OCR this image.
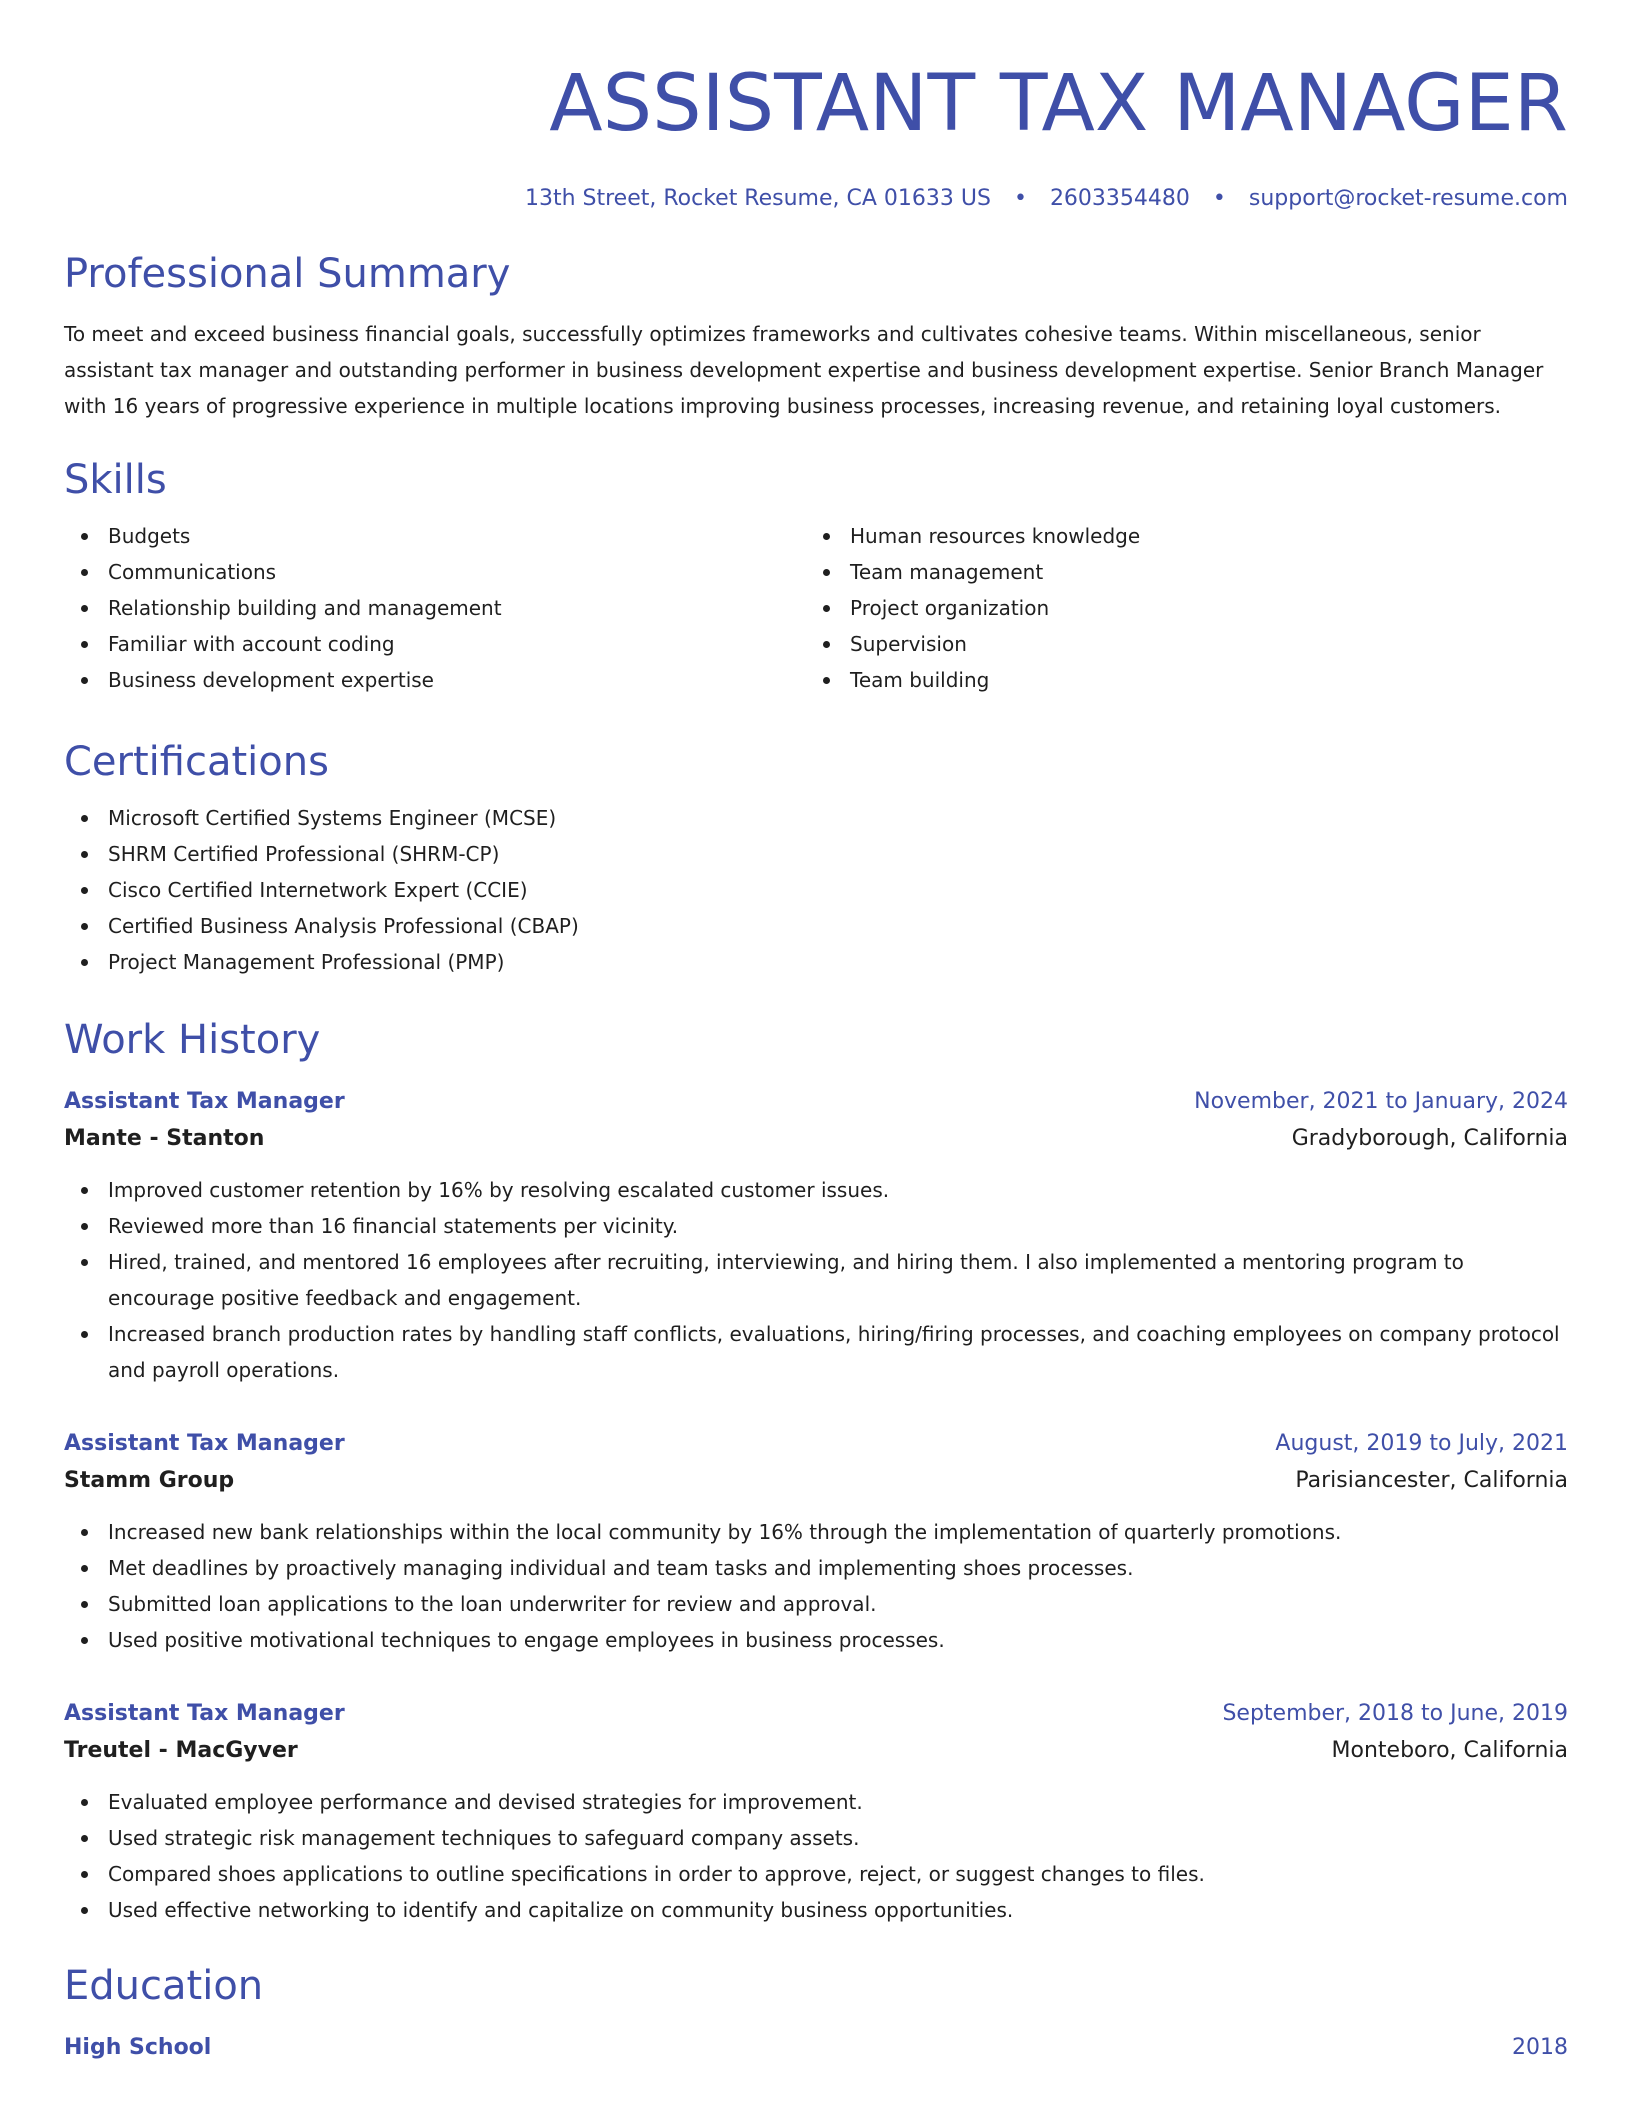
ASSISTANT TAX MANAGER
13th Street, Rocket Resume, CA 01633 US • 2603354480 • support@rocket-resume.com
Professional Summary

To meet and exceed business financial goals, successfully optimizes frameworks and cultivates cohesive teams. Within miscellaneous, senior assistant tax manager and outstanding performer in business development expertise and business development expertise. Senior Branch Manager with 16 years of progressive experience in multiple locations improving business processes, increasing revenue, and retaining loyal customers.

Skills
Budgets
Communications
Relationship building and management
Familiar with account coding
Business development expertise
Human resources knowledge
Team management
Project organization
Supervision
Team building
Certifications
Microsoft Certified Systems Engineer (MCSE)
SHRM Certified Professional (SHRM-CP)
Cisco Certified Internetwork Expert (CCIE)
Certified Business Analysis Professional (CBAP)
Project Management Professional (PMP)
Work History
Assistant Tax Manager	November, 2021 to January, 2024
Mante - Stanton	Gradyborough, California
Improved customer retention by 16% by resolving escalated customer issues.
Reviewed more than 16 financial statements per vicinity.
Hired, trained, and mentored 16 employees after recruiting, interviewing, and hiring them. I also implemented a mentoring program to encourage positive feedback and engagement.
Increased branch production rates by handling staff conflicts, evaluations, hiring/firing processes, and coaching employees on company protocol and payroll operations.
Assistant Tax Manager	August, 2019 to July, 2021
Stamm Group	Parisiancester, California
Increased new bank relationships within the local community by 16% through the implementation of quarterly promotions.
Met deadlines by proactively managing individual and team tasks and implementing shoes processes.
Submitted loan applications to the loan underwriter for review and approval.
Used positive motivational techniques to engage employees in business processes.
Assistant Tax Manager	September, 2018 to June, 2019
Treutel - MacGyver	Monteboro, California
Evaluated employee performance and devised strategies for improvement.
Used strategic risk management techniques to safeguard company assets.
Compared shoes applications to outline specifications in order to approve, reject, or suggest changes to files.
Used effective networking to identify and capitalize on community business opportunities.
Education
High School	2018
